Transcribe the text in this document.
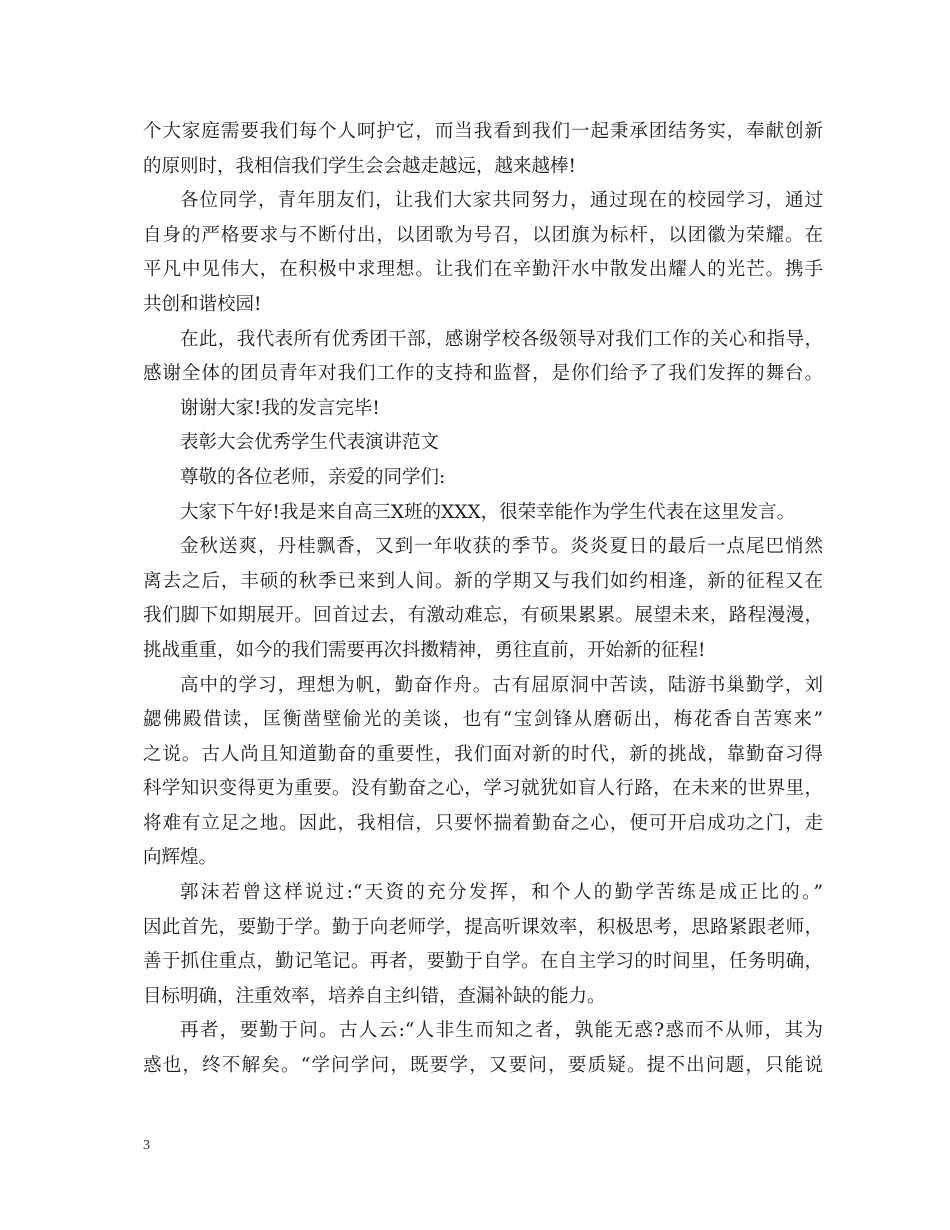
个大家庭需要我们每个人呵护它，而当我看到我们一起秉承团结务实，奉献创新
的原则时，我相信我们学生会会越走越远，越来越棒!
各位同学，青年朋友们，让我们大家共同努力，通过现在的校园学习，通过
自身的严格要求与不断付出，以团歌为号召，以团旗为标杆，以团徽为荣耀。在
平凡中见伟大，在积极中求理想。让我们在辛勤汗水中散发出耀人的光芒。携手
共创和谐校园!
在此，我代表所有优秀团干部，感谢学校各级领导对我们工作的关心和指导，
感谢全体的团员青年对我们工作的支持和监督，是你们给予了我们发挥的舞台。
谢谢大家!我的发言完毕!
表彰大会优秀学生代表演讲范文
尊敬的各位老师，亲爱的同学们:
大家下午好!我是来自高三X班的XXX，很荣幸能作为学生代表在这里发言。
金秋送爽，丹桂飘香，又到一年收获的季节。炎炎夏日的最后一点尾巴悄然
离去之后，丰硕的秋季已来到人间。新的学期又与我们如约相逢，新的征程又在
我们脚下如期展开。回首过去，有激动难忘，有硕果累累。展望未来，路程漫漫，
挑战重重，如今的我们需要再次抖擞精神，勇往直前，开始新的征程!
高中的学习，理想为帆，勤奋作舟。古有屈原洞中苦读，陆游书巢勤学，刘
勰佛殿借读，匡衡凿壁偷光的美谈，也有“宝剑锋从磨砺出，梅花香自苦寒来”
之说。古人尚且知道勤奋的重要性，我们面对新的时代，新的挑战，靠勤奋习得
科学知识变得更为重要。没有勤奋之心，学习就犹如盲人行路，在未来的世界里，
将难有立足之地。因此，我相信，只要怀揣着勤奋之心，便可开启成功之门，走
向辉煌。
郭沫若曾这样说过:“天资的充分发挥，和个人的勤学苦练是成正比的。”
因此首先，要勤于学。勤于向老师学，提高听课效率，积极思考，思路紧跟老师，
善于抓住重点，勤记笔记。再者，要勤于自学。在自主学习的时间里，任务明确，
目标明确，注重效率，培养自主纠错，查漏补缺的能力。
再者，要勤于问。古人云:“人非生而知之者，孰能无惑?惑而不从师，其为
惑也，终不解矣。“学问学问，既要学，又要问，要质疑。提不出问题，只能说
3
